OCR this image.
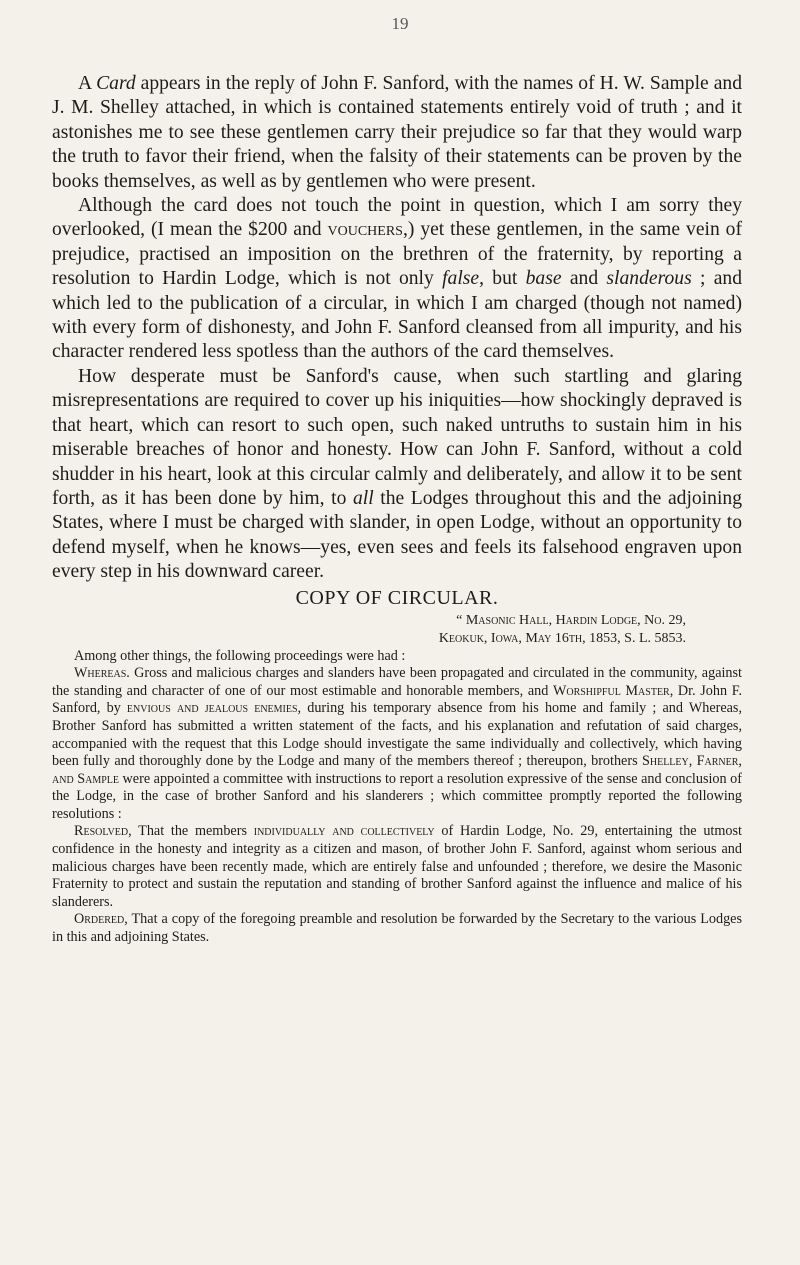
19

A Card appears in the reply of John F. Sanford, with the names of H. W. Sample and J. M. Shelley attached, in which is contained statements entirely void of truth ; and it astonishes me to see these gentlemen carry their prejudice so far that they would warp the truth to favor their friend, when the falsity of their statements can be proven by the books themselves, as well as by gentlemen who were present.

Although the card does not touch the point in question, which I am sorry they overlooked, (I mean the $200 and vouchers,) yet these gentlemen, in the same vein of prejudice, practised an imposition on the brethren of the fraternity, by reporting a resolution to Hardin Lodge, which is not only false, but base and slanderous ; and which led to the publication of a circular, in which I am charged (though not named) with every form of dishonesty, and John F. Sanford cleansed from all impurity, and his character rendered less spotless than the authors of the card themselves.

How desperate must be Sanford's cause, when such startling and glaring misrepresentations are required to cover up his iniquities—how shockingly depraved is that heart, which can resort to such open, such naked untruths to sustain him in his miserable breaches of honor and honesty. How can John F. Sanford, without a cold shudder in his heart, look at this circular calmly and deliberately, and allow it to be sent forth, as it has been done by him, to all the Lodges throughout this and the adjoining States, where I must be charged with slander, in open Lodge, without an opportunity to defend myself, when he knows—yes, even sees and feels its falsehood engraven upon every step in his downward career.

COPY OF CIRCULAR.
“ Masonic Hall, Hardin Lodge, No. 29,
Keokuk, Iowa, May 16th, 1853, S. L. 5853.

Among other things, the following proceedings were had :

Whereas. Gross and malicious charges and slanders have been propagated and circulated in the community, against the standing and character of one of our most estimable and honorable members, and Worshipful Master, Dr. John F. Sanford, by envious and jealous enemies, during his temporary absence from his home and family ; and Whereas, Brother Sanford has submitted a written statement of the facts, and his explanation and refutation of said charges, accompanied with the request that this Lodge should investigate the same individually and collectively, which having been fully and thoroughly done by the Lodge and many of the members thereof ; thereupon, brothers Shelley, Farner, and Sample were appointed a committee with instructions to report a resolution expressive of the sense and conclusion of the Lodge, in the case of brother Sanford and his slanderers ; which committee promptly reported the following resolutions :

Resolved, That the members individually and collectively of Hardin Lodge, No. 29, entertaining the utmost confidence in the honesty and integrity as a citizen and mason, of brother John F. Sanford, against whom serious and malicious charges have been recently made, which are entirely false and unfounded ; therefore, we desire the Masonic Fraternity to protect and sustain the reputation and standing of brother Sanford against the influence and malice of his slanderers.

Ordered, That a copy of the foregoing preamble and resolution be forwarded by the Secretary to the various Lodges in this and adjoining States.
